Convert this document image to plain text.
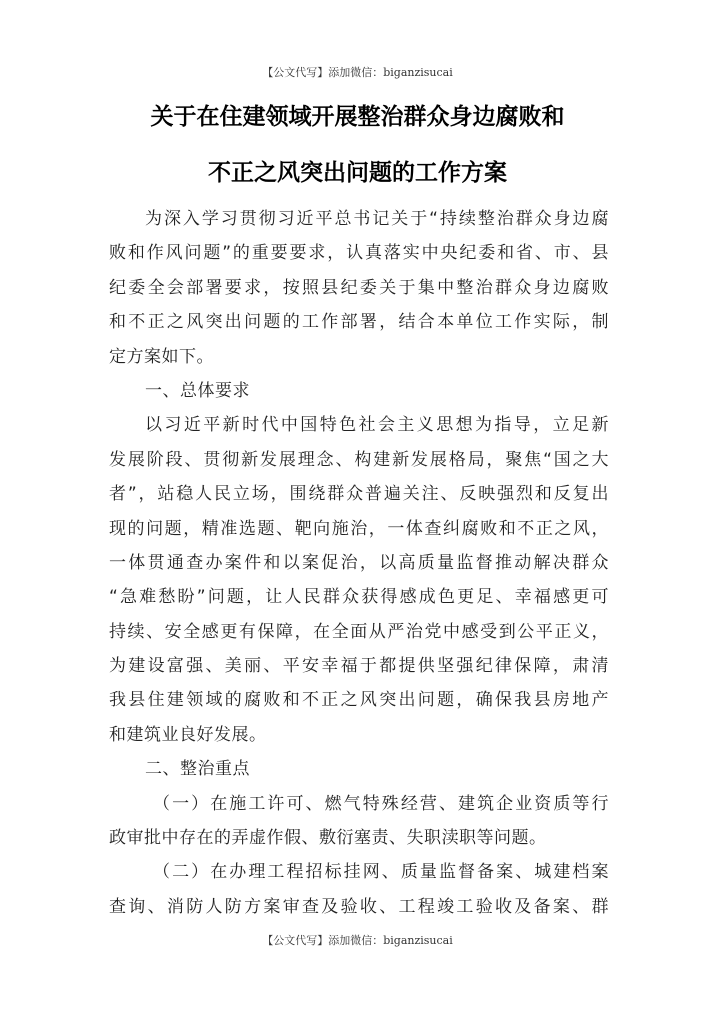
【公文代写】添加微信：biganzisucai
关于在住建领域开展整治群众身边腐败和
不正之风突出问题的工作方案
为深入学习贯彻习近平总书记关于“持续整治群众身边腐
败和作风问题”的重要要求，认真落实中央纪委和省、市、县
纪委全会部署要求，按照县纪委关于集中整治群众身边腐败
和不正之风突出问题的工作部署，结合本单位工作实际，制
定方案如下。
一、总体要求
以习近平新时代中国特色社会主义思想为指导，立足新
发展阶段、贯彻新发展理念、构建新发展格局，聚焦“国之大
者”，站稳人民立场，围绕群众普遍关注、反映强烈和反复出
现的问题，精准选题、靶向施治，一体查纠腐败和不正之风，
一体贯通查办案件和以案促治，以高质量监督推动解决群众
“急难愁盼”问题，让人民群众获得感成色更足、幸福感更可
持续、安全感更有保障，在全面从严治党中感受到公平正义，
为建设富强、美丽、平安幸福于都提供坚强纪律保障，肃清
我县住建领域的腐败和不正之风突出问题，确保我县房地产
和建筑业良好发展。
二、整治重点
（一）在施工许可、燃气特殊经营、建筑企业资质等行
政审批中存在的弄虚作假、敷衍塞责、失职渎职等问题。
（二）在办理工程招标挂网、质量监督备案、城建档案
查询、消防人防方案审查及验收、工程竣工验收及备案、群
【公文代写】添加微信：biganzisucai
